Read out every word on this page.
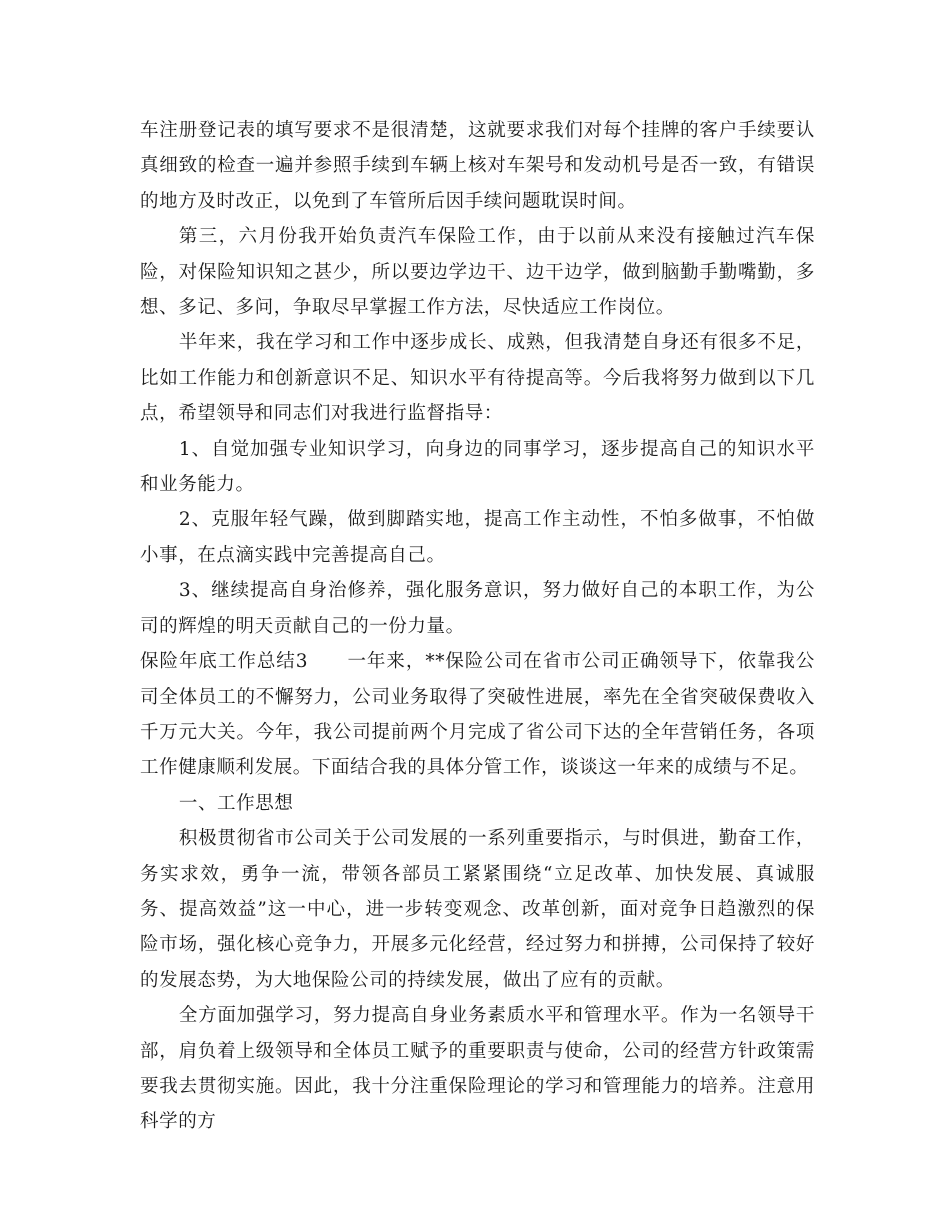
车注册登记表的填写要求不是很清楚，这就要求我们对每个挂牌的客户手续要认真细致的检查一遍并参照手续到车辆上核对车架号和发动机号是否一致，有错误的地方及时改正，以免到了车管所后因手续问题耽误时间。

第三，六月份我开始负责汽车保险工作，由于以前从来没有接触过汽车保险，对保险知识知之甚少，所以要边学边干、边干边学，做到脑勤手勤嘴勤，多想、多记、多问，争取尽早掌握工作方法，尽快适应工作岗位。

半年来，我在学习和工作中逐步成长、成熟，但我清楚自身还有很多不足，比如工作能力和创新意识不足、知识水平有待提高等。今后我将努力做到以下几点，希望领导和同志们对我进行监督指导：

1、自觉加强专业知识学习，向身边的同事学习，逐步提高自己的知识水平和业务能力。

2、克服年轻气躁，做到脚踏实地，提高工作主动性，不怕多做事，不怕做小事，在点滴实践中完善提高自己。

3、继续提高自身治修养，强化服务意识，努力做好自己的本职工作，为公司的辉煌的明天贡献自己的一份力量。

保险年底工作总结3　　一年来，**保险公司在省市公司正确领导下，依靠我公司全体员工的不懈努力，公司业务取得了突破性进展，率先在全省突破保费收入千万元大关。今年，我公司提前两个月完成了省公司下达的全年营销任务，各项工作健康顺利发展。下面结合我的具体分管工作，谈谈这一年来的成绩与不足。

一、工作思想

积极贯彻省市公司关于公司发展的一系列重要指示，与时俱进，勤奋工作，务实求效，勇争一流，带领各部员工紧紧围绕“立足改革、加快发展、真诚服务、提高效益”这一中心，进一步转变观念、改革创新，面对竞争日趋激烈的保险市场，强化核心竞争力，开展多元化经营，经过努力和拼搏，公司保持了较好的发展态势，为大地保险公司的持续发展，做出了应有的贡献。

全方面加强学习，努力提高自身业务素质水平和管理水平。作为一名领导干部，肩负着上级领导和全体员工赋予的重要职责与使命，公司的经营方针政策需要我去贯彻实施。因此，我十分注重保险理论的学习和管理能力的培养。注意用科学的方
